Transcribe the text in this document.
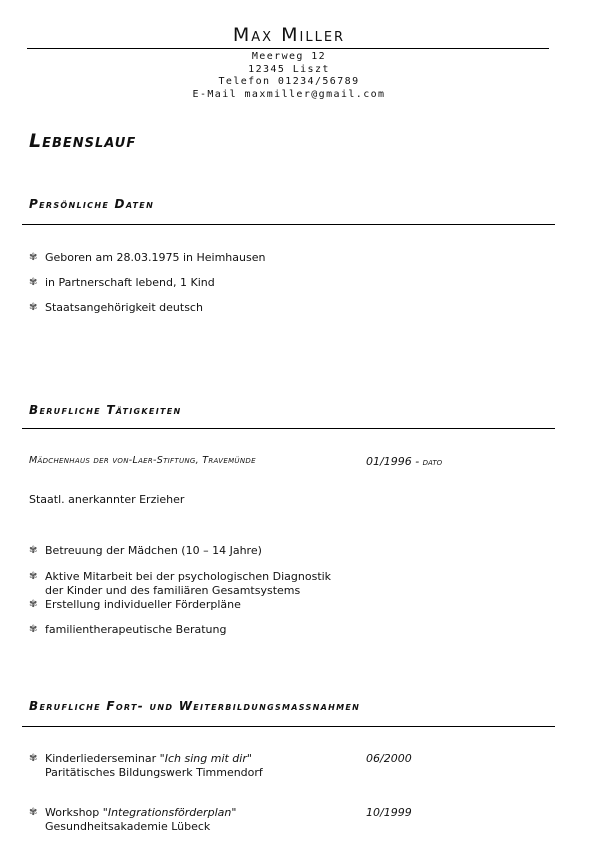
Max Miller
Meerweg 12
12345 Liszt
Telefon 01234/56789
E-Mail maxmiller@gmail.com
Lebenslauf
Persönliche Daten
✾ Geboren am 28.03.1975 in Heimhausen
✾ in Partnerschaft lebend, 1 Kind
✾ Staatsangehörigkeit deutsch
Berufliche Tätigkeiten
Mädchenhaus der von-Laer-Stiftung, Travemünde	01/1996 - dato
Staatl. anerkannter Erzieher
✾ Betreuung der Mädchen (10 – 14 Jahre)
✾ Aktive Mitarbeit bei der psychologischen Diagnostik
der Kinder und des familiären Gesamtsystems
✾ Erstellung individueller Förderpläne
✾ familientherapeutische Beratung
Berufliche Fort- und Weiterbildungsmassnahmen
✾ Kinderliederseminar "Ich sing mit dir"
Paritätisches Bildungswerk Timmendorf
06/2000
✾ Workshop "Integrationsförderplan"
Gesundheitsakademie Lübeck
10/1999
